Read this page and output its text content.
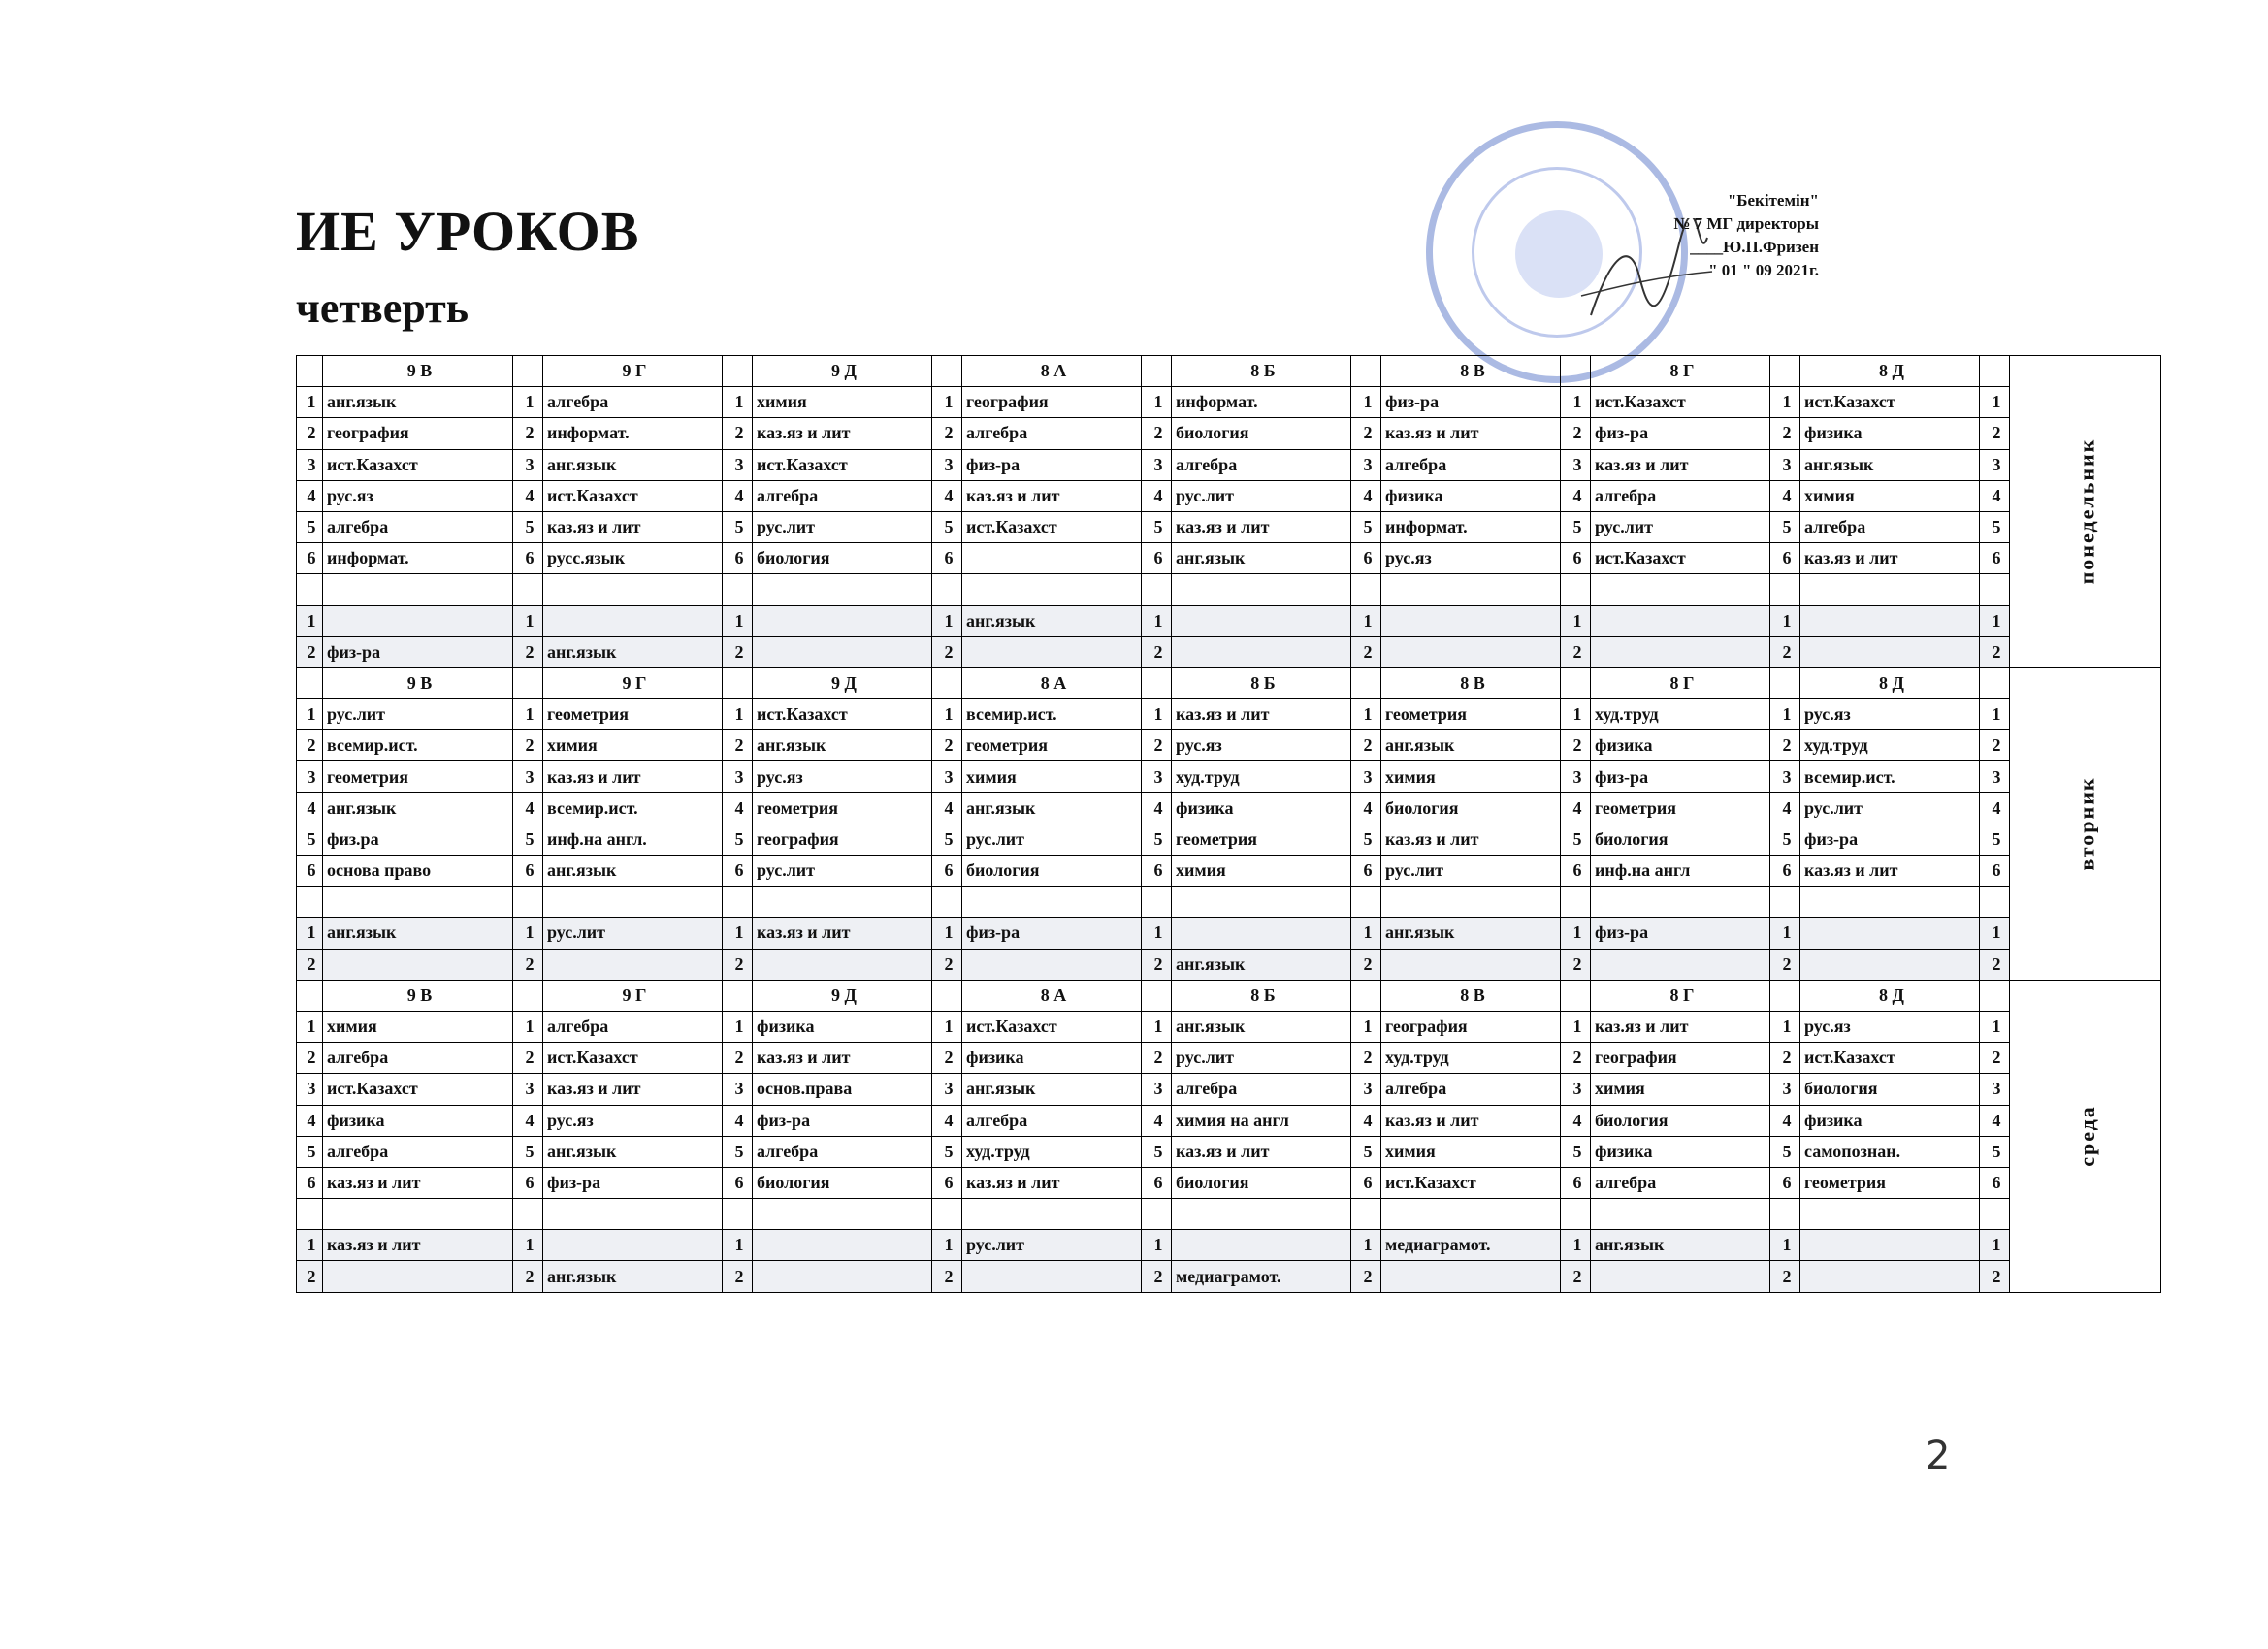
ИЕ УРОКОВ
четверть
"Бекітемін"
№ 7 МГ директоры
____Ю.П.Фризен
" 01 " 09 2021г.
	9 В		9 Г		9 Д		8 А		8 Б		8 В		8 Г		8 Д		понедельник
1	анг.язык	1	алгебра	1	химия	1	география	1	информат.	1	физ-ра	1	ист.Казахст	1	ист.Казахст	1	
2	география	2	информат.	2	каз.яз и лит	2	алгебра	2	биология	2	каз.яз и лит	2	физ-ра	2	физика	2	
3	ист.Казахст	3	анг.язык	3	ист.Казахст	3	физ-ра	3	алгебра	3	алгебра	3	каз.яз и лит	3	анг.язык	3	
4	рус.яз	4	ист.Казахст	4	алгебра	4	каз.яз и лит	4	рус.лит	4	физика	4	алгебра	4	химия	4	
5	алгебра	5	каз.яз и лит	5	рус.лит	5	ист.Казахст	5	каз.яз и лит	5	информат.	5	рус.лит	5	алгебра	5	
6	информат.	6	русс.язык	6	биология	6		6	анг.язык	6	рус.яз	6	ист.Казахст	6	каз.яз и лит	6	

1		1		1		1	анг.язык	1		1		1		1		1	
2	физ-ра	2	анг.язык	2		2		2		2		2		2		2	
	9 В		9 Г		9 Д		8 А		8 Б		8 В		8 Г		8 Д		вторник
1	рус.лит	1	геометрия	1	ист.Казахст	1	всемир.ист.	1	каз.яз и лит	1	геометрия	1	худ.труд	1	рус.яз	1	
2	всемир.ист.	2	химия	2	анг.язык	2	геометрия	2	рус.яз	2	анг.язык	2	физика	2	худ.труд	2	
3	геометрия	3	каз.яз и лит	3	рус.яз	3	химия	3	худ.труд	3	химия	3	физ-ра	3	всемир.ист.	3	
4	анг.язык	4	всемир.ист.	4	геометрия	4	анг.язык	4	физика	4	биология	4	геометрия	4	рус.лит	4	
5	физ.ра	5	инф.на англ.	5	география	5	рус.лит	5	геометрия	5	каз.яз и лит	5	биология	5	физ-ра	5	
6	основа право	6	анг.язык	6	рус.лит	6	биология	6	химия	6	рус.лит	6	инф.на англ	6	каз.яз и лит	6	

1	анг.язык	1	рус.лит	1	каз.яз и лит	1	физ-ра	1		1	анг.язык	1	физ-ра	1		1	
2		2		2		2		2	анг.язык	2		2		2		2	
	9 В		9 Г		9 Д		8 А		8 Б		8 В		8 Г		8 Д		среда
1	химия	1	алгебра	1	физика	1	ист.Казахст	1	анг.язык	1	география	1	каз.яз и лит	1	рус.яз	1	
2	алгебра	2	ист.Казахст	2	каз.яз и лит	2	физика	2	рус.лит	2	худ.труд	2	география	2	ист.Казахст	2	
3	ист.Казахст	3	каз.яз и лит	3	основ.права	3	анг.язык	3	алгебра	3	алгебра	3	химия	3	биология	3	
4	физика	4	рус.яз	4	физ-ра	4	алгебра	4	химия на англ	4	каз.яз и лит	4	биология	4	физика	4	
5	алгебра	5	анг.язык	5	алгебра	5	худ.труд	5	каз.яз и лит	5	химия	5	физика	5	самопознан.	5	
6	каз.яз и лит	6	физ-ра	6	биология	6	каз.яз и лит	6	биология	6	ист.Казахст	6	алгебра	6	геометрия	6	

1	каз.яз и лит	1		1		1	рус.лит	1		1	медиаграмот.	1	анг.язык	1		1	
2		2	анг.язык	2		2		2	медиаграмот.	2		2		2		2	
2
